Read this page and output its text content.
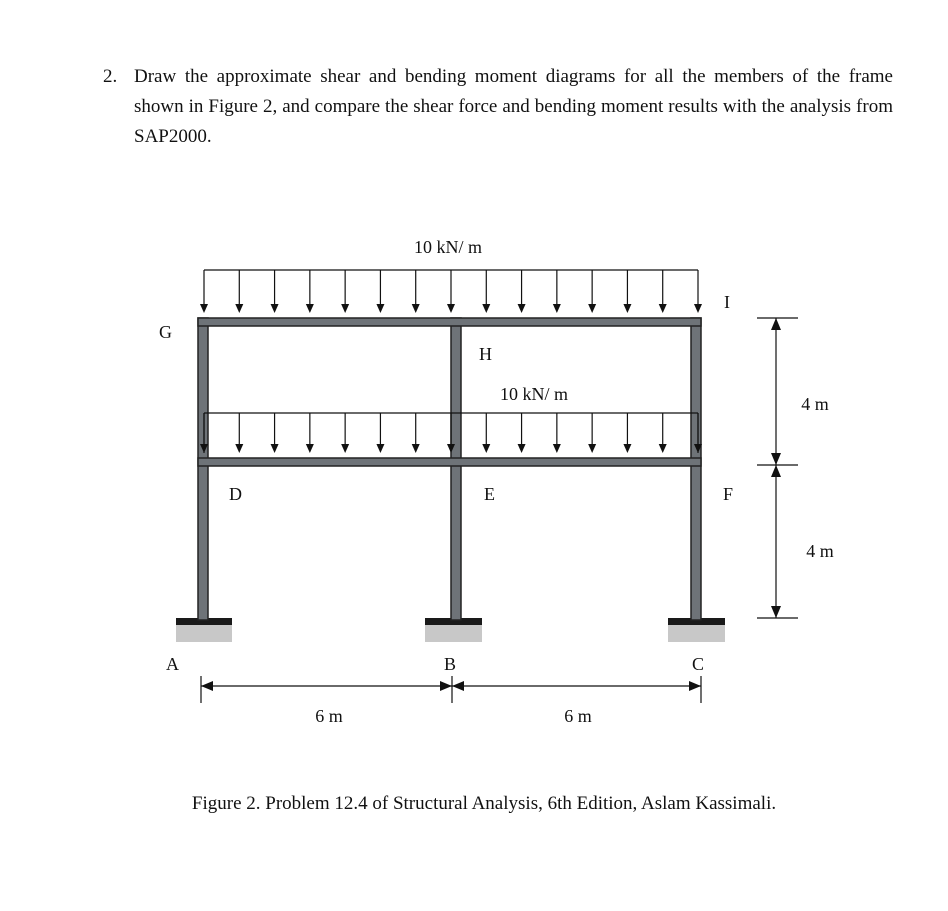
2. Draw the approximate shear and bending moment diagrams for all the members of the frame shown in Figure 2, and compare the shear force and bending moment results with the analysis from SAP2000.
10 kN/ m
10 kN/ m
G
H
I
D	E	F
A	B	C
6 m	6 m
4 m
4 m
Figure 2. Problem 12.4 of Structural Analysis, 6th Edition, Aslam Kassimali.
